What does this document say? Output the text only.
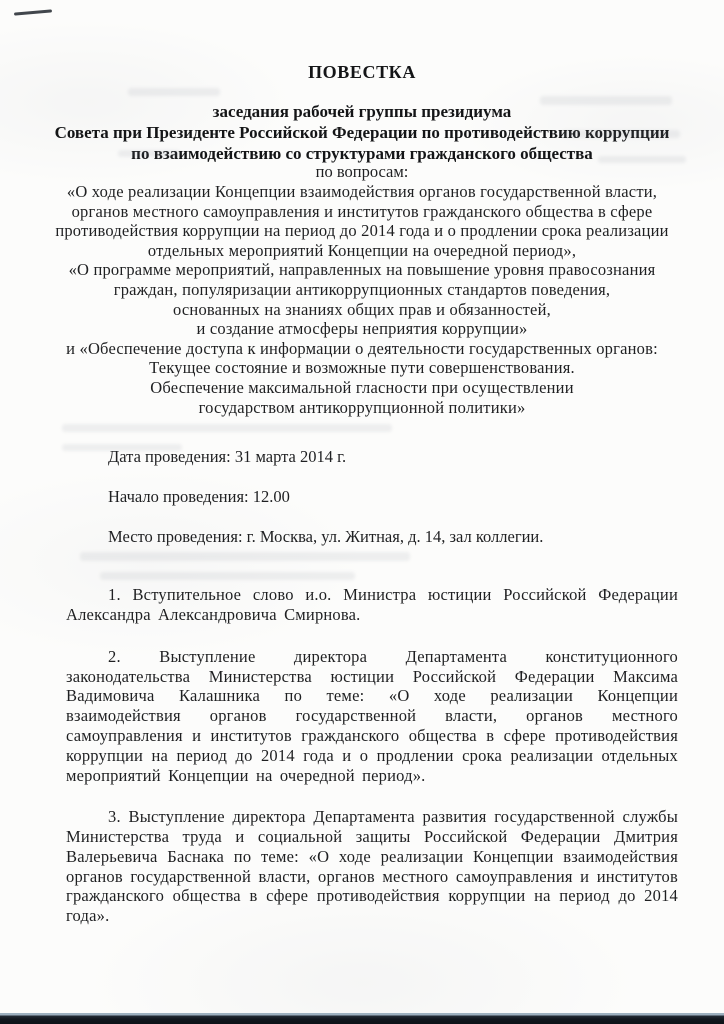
ПОВЕСТКА
заседания рабочей группы президиума
Совета при Президенте Российской Федерации по противодействию коррупции
по взаимодействию со структурами гражданского общества
по вопросам:
«О ходе реализации Концепции взаимодействия органов государственной власти,
органов местного самоуправления и институтов гражданского общества в сфере
противодействия коррупции на период до 2014 года и о продлении срока реализации
отдельных мероприятий Концепции на очередной период»,
«О программе мероприятий, направленных на повышение уровня правосознания
граждан, популяризации антикоррупционных стандартов поведения,
основанных на знаниях общих прав и обязанностей,
и создание атмосферы неприятия коррупции»
и «Обеспечение доступа к информации о деятельности государственных органов:
Текущее состояние и возможные пути совершенствования.
Обеспечение максимальной гласности при осуществлении
государством антикоррупционной политики»

Дата проведения: 31 марта 2014 г.

Начало проведения: 12.00

Место проведения: г. Москва, ул. Житная, д. 14, зал коллегии.

1. Вступительное слово и.о. Министра юстиции Российской Федерации Александра Александровича Смирнова.

2. Выступление директора Департамента конституционного законодательства Министерства юстиции Российской Федерации Максима Вадимовича Калашника по теме: «О ходе реализации Концепции взаимодействия органов государственной власти, органов местного самоуправления и институтов гражданского общества в сфере противодействия коррупции на период до 2014 года и о продлении срока реализации отдельных мероприятий Концепции на очередной период».

3. Выступление директора Департамента развития государственной службы Министерства труда и социальной защиты Российской Федерации Дмитрия Валерьевича Баснака по теме: «О ходе реализации Концепции взаимодействия органов государственной власти, органов местного самоуправления и институтов гражданского общества в сфере противодействия коррупции на период до 2014 года».
